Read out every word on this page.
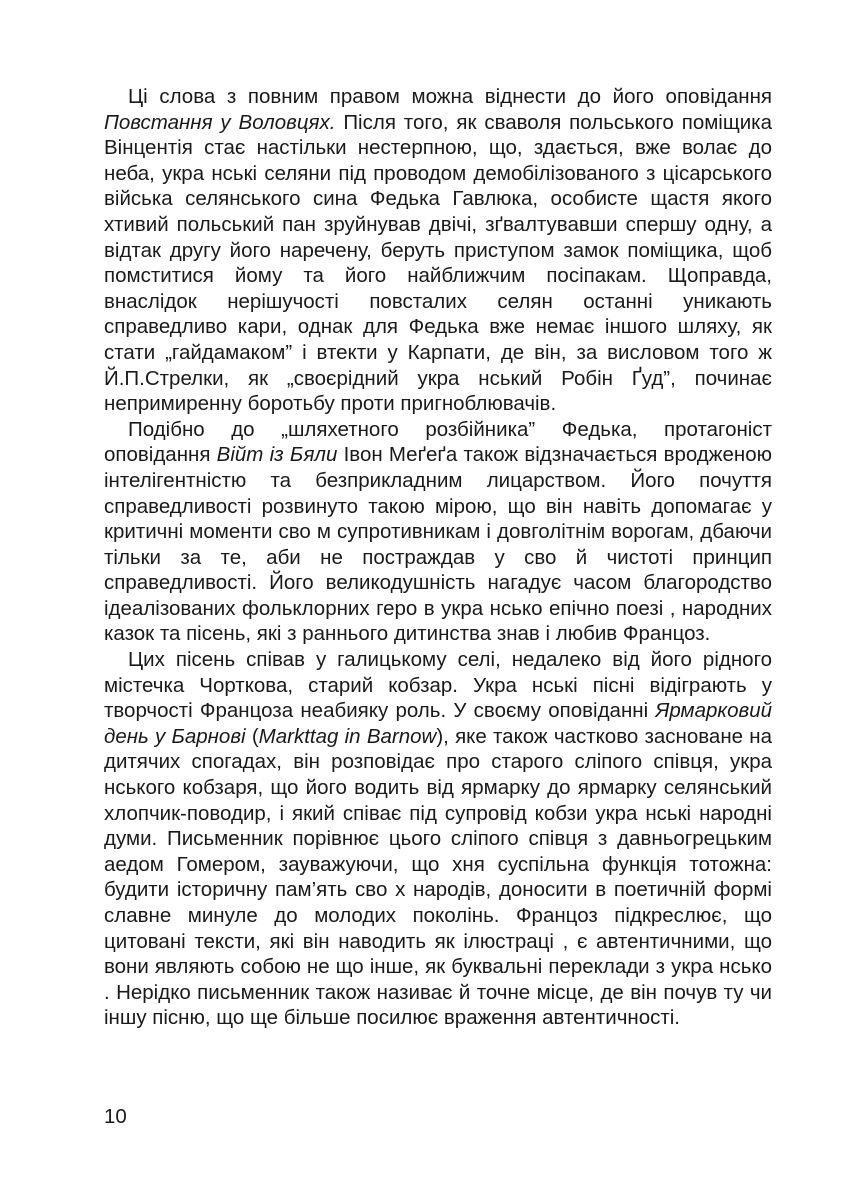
Ці слова з повним правом можна віднести до його оповідання Повстання у Воловцях. Після того, як сваволя польського поміщика Вінцентія стає настільки нестерпною, що, здається, вже волає до неба, укра нські селяни під проводом демобілізованого з цісарського війська селянського сина Федька Гавлюка, особисте щастя якого хтивий польський пан зруйнував двічі, зґвалтувавши спершу одну, а відтак другу його наречену, беруть приступом замок поміщика, щоб помститися йому та його найближчим посіпакам. Щоправда, внаслідок нерішучості повсталих селян останні уникають справедливо кари, однак для Федька вже немає іншого шляху, як стати „гайдамаком” і втекти у Карпати, де він, за висловом того ж Й.П.Стрелки, як „своєрідний укра нський Робін Ґуд”, починає непримиренну боротьбу проти пригноблювачів.

Подібно до „шляхетного розбійника” Федька, протагоніст оповідання Війт із Бяли Івон Меґеґа також відзначається вродженою інтелігентністю та безприкладним лицарством. Його почуття справедливості розвинуто такою мірою, що він навіть допомагає у критичні моменти сво м супротивникам і довголітнім ворогам, дбаючи тільки за те, аби не постраждав у сво й чистоті принцип справедливості. Його великодушність нагадує часом благородство ідеалізованих фольклорних геро в укра нсько епічно поезі , народних казок та пісень, які з раннього дитинства знав і любив Францоз.

Цих пісень співав у галицькому селі, недалеко від його рідного містечка Чорткова, старий кобзар. Укра нські пісні відіграють у творчості Францоза неабияку роль. У своєму оповіданні Ярмарковий день у Барнові (Markttag in Barnow), яке також частково засноване на дитячих спогадах, він розповідає про старого сліпого співця, укра нського кобзаря, що його водить від ярмарку до ярмарку селянський хлопчик-поводир, і який співає під супровід кобзи укра нські народні думи. Письменник порівнює цього сліпого співця з давньогрецьким аедом Гомером, зауважуючи, що хня суспільна функція тотожна: будити історичну пам’ять сво х народів, доносити в поетичній формі славне минуле до молодих поколінь. Францоз підкреслює, що цитовані тексти, які він наводить як ілюстраці , є автентичними, що вони являють собою не що інше, як буквальні переклади з укра нсько . Нерідко письменник також називає й точне місце, де він почув ту чи іншу пісню, що ще більше посилює враження автентичності.

10
